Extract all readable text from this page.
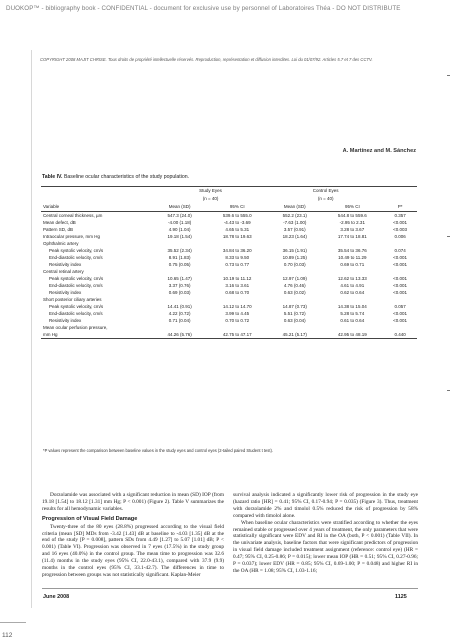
DUOKOP™ - bibliography book - CONFIDENTIAL - document for exclusive use by personnel of Laboratoires Théa - DO NOT DISTRIBUTE
COPYRIGHT 2008 MAJIT CHRISE. Tous droits de propriété intellectuelle réservés. Reproduction, représentation et diffusion interdites. Loi du 01/07/92. Articles 5.7 et 7 des CCTV.
A. Martínez and M. Sánchez
Table IV. Baseline ocular characteristics of the study population.
	Study Eyes		Control Eyes		
	(n = 40)		(n = 40)		
Variable	Mean (SD)	95% CI	Mean (SD)	95% CI	P*
Central corneal thickness, µm	547.3 (24.0)	539.6 to 555.0	552.2 (23.1)	544.8 to 559.6	0.357
Mean defect, dB	-4.00 (1.18)	-4.43 to -3.69	-7.63 (1.00)	-2.95 to 2.31	<0.001
Pattern SD, dB	4.90 (1.04)	4.65 to 5.31	3.57 (0.91)	3.28 to 3.67	<0.003
Intraocular pressure, mm Hg	19.18 (1.54)	18.78 to 19.63	18.23 (1.64)	17.74 to 18.81	0.006
Ophthalmic artery					
Peak systolic velocity, cm/s	35.52 (2.34)	34.84 to 36.20	36.15 (1.91)	35.54 to 36.76	0.074
End-diastolic velocity, cm/s	8.91 (1.83)	8.33 to 9.50	10.89 (1.25)	10.49 to 11.29	<0.001
Resistivity index	0.75 (0.05)	0.73 to 0.77	0.70 (0.03)	0.69 to 0.71	<0.001
Central retinal artery					
Peak systolic velocity, cm/s	10.65 (1.47)	10.19 to 11.12	12.97 (1.09)	12.62 to 13.33	<0.001
End-diastolic velocity, cm/s	3.37 (0.76)	3.16 to 3.61	4.76 (0.46)	4.61 to 4.91	<0.001
Resistivity index	0.69 (0.03)	0.68 to 0.70	0.63 (0.02)	0.62 to 0.64	<0.001
Short posterior ciliary arteries					
Peak systolic velocity, cm/s	14.41 (0.91)	14.12 to 14.70	14.87 (0.73)	14.38 to 15.04	0.057
End-diastolic velocity, cm/s	4.22 (0.72)	3.99 to 4.45	5.51 (0.72)	5.28 to 5.74	<0.001
Resistivity index	0.71 (0.04)	0.70 to 0.72	0.63 (0.04)	0.61 to 0.64	<0.001
Mean ocular perfusion pressure,					
mm Hg	44.26 (5.76)	42.75 to 47.17	45.21 (5.17)	42.95 to 48.19	0.440
*P values represent the comparison between baseline values in the study eyes and control eyes (2-tailed paired Student t test).

Dorzolamide was associated with a significant reduction in mean (SD) IOP (from 19.18 [1.54] to 18.12 [1.31] mm Hg; P < 0.001) (Figure 2). Table V summarizes the results for all hemodynamic variables.

Progression of Visual Field Damage

Twenty-three of the 80 eyes (28.8%) progressed according to the visual field criteria (mean [SD] MDs from -3.42 [1.43] dB at baseline to -4.03 [1.35] dB at the end of the study [P = 0.008], pattern SDs from 4.49 [1.27] to 5.07 [1.01] dB; P < 0.001) (Table VI). Progression was observed in 7 eyes (17.5%) in the study group and 16 eyes (40.0%) in the control group. The mean time to progression was 32.6 (11.4) months in the study eyes (95% CI, 22.0-43.1), compared with 37.9 (9.9) months in the control eyes (95% CI, 33.1-42.7). The differences in time to progression between groups was not statistically significant. Kaplan-Meier

survival analysis indicated a significantly lower risk of progression in the study eye (hazard ratio [HR] = 0.41; 95% CI, 0.17-0.94; P = 0.035) (Figure 3). Thus, treatment with dorzolamide 2% and timolol 0.5% reduced the risk of progression by 58% compared with timolol alone.

When baseline ocular characteristics were stratified according to whether the eyes remained stable or progressed over 4 years of treatment, the only parameters that were statistically significant were EDV and RI in the OA (both, P < 0.001) (Table VII). In the univariate analysis, baseline factors that were significant predictors of progression in visual field damage included treatment assignment (reference: control eye) (HR = 0.47; 95% CI, 0.25-0.86; P = 0.015); lower mean IOP (HR = 0.51; 95% CI, 0.27-0.96; P = 0.037); lower EDV (HR = 0.85; 95% CI, 0.69-1.00; P = 0.048) and higher RI in the OA (HR = 1.08; 95% CI, 1.03-1.16;

June 2008	1125
112
